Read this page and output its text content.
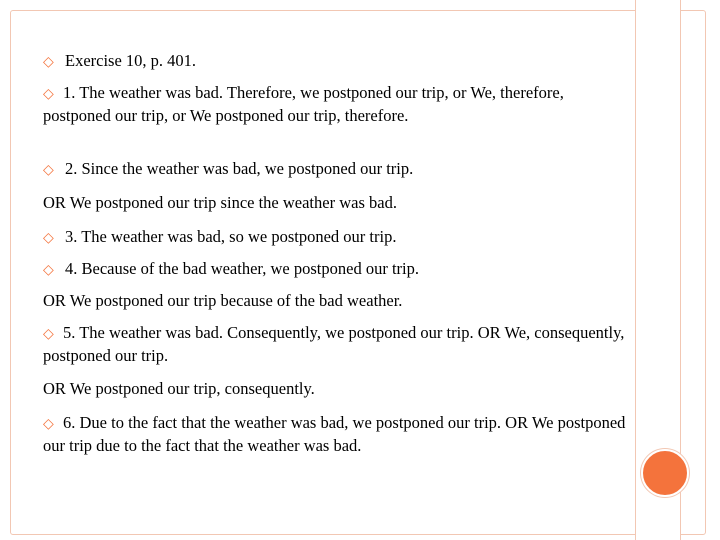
◇ Exercise 10, p. 401.

◇ 1. The weather was bad. Therefore, we postponed our trip, or We, therefore, postponed our trip, or We postponed our trip, therefore.

◇ 2. Since the weather was bad, we postponed our trip.

OR We postponed our trip since the weather was bad.

◇ 3. The weather was bad, so we postponed our trip.

◇ 4. Because of the bad weather, we postponed our trip.

OR We postponed our trip because of the bad weather.

◇ 5. The weather was bad. Consequently, we postponed our trip. OR We, consequently, postponed our trip.

OR We postponed our trip, consequently.

◇ 6. Due to the fact that the weather was bad, we postponed our trip. OR We postponed our trip due to the fact that the weather was bad.
